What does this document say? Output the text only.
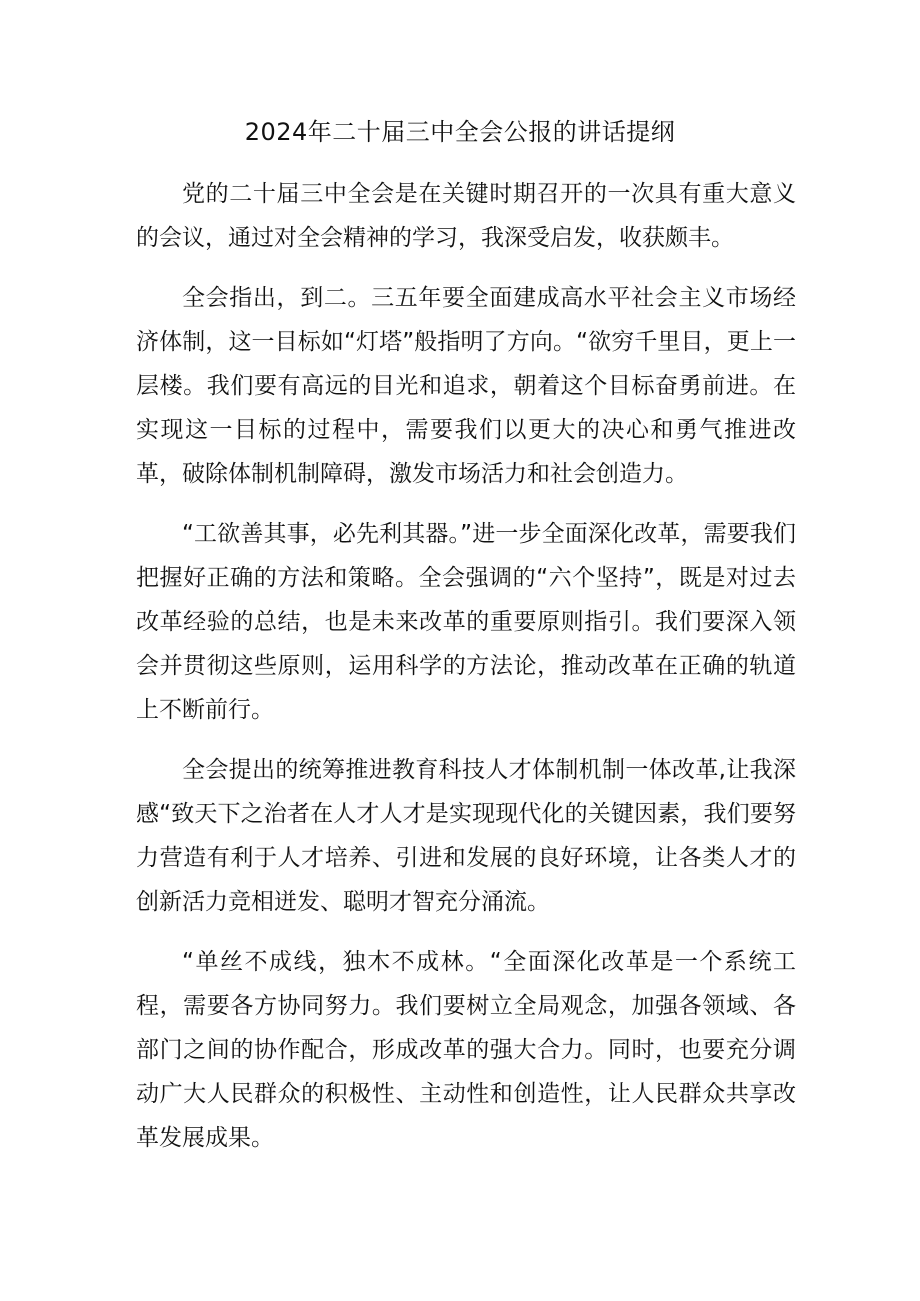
2024年二十届三中全会公报的讲话提纲

党的二十届三中全会是在关键时期召开的一次具有重大意义的会议，通过对全会精神的学习，我深受启发，收获颇丰。

全会指出，到二。三五年要全面建成高水平社会主义市场经济体制，这一目标如“灯塔”般指明了方向。“欲穷千里目，更上一层楼。我们要有高远的目光和追求，朝着这个目标奋勇前进。在实现这一目标的过程中，需要我们以更大的决心和勇气推进改革，破除体制机制障碍，激发市场活力和社会创造力。

“工欲善其事，必先利其器。”进一步全面深化改革，需要我们把握好正确的方法和策略。全会强调的“六个坚持”，既是对过去改革经验的总结，也是未来改革的重要原则指引。我们要深入领会并贯彻这些原则，运用科学的方法论，推动改革在正确的轨道上不断前行。

全会提出的统筹推进教育科技人才体制机制一体改革,让我深感“致天下之治者在人才人才是实现现代化的关键因素，我们要努力营造有利于人才培养、引进和发展的良好环境，让各类人才的创新活力竞相迸发、聪明才智充分涌流。

“单丝不成线，独木不成林。“全面深化改革是一个系统工程，需要各方协同努力。我们要树立全局观念，加强各领域、各部门之间的协作配合，形成改革的强大合力。同时，也要充分调动广大人民群众的积极性、主动性和创造性，让人民群众共享改革发展成果。
